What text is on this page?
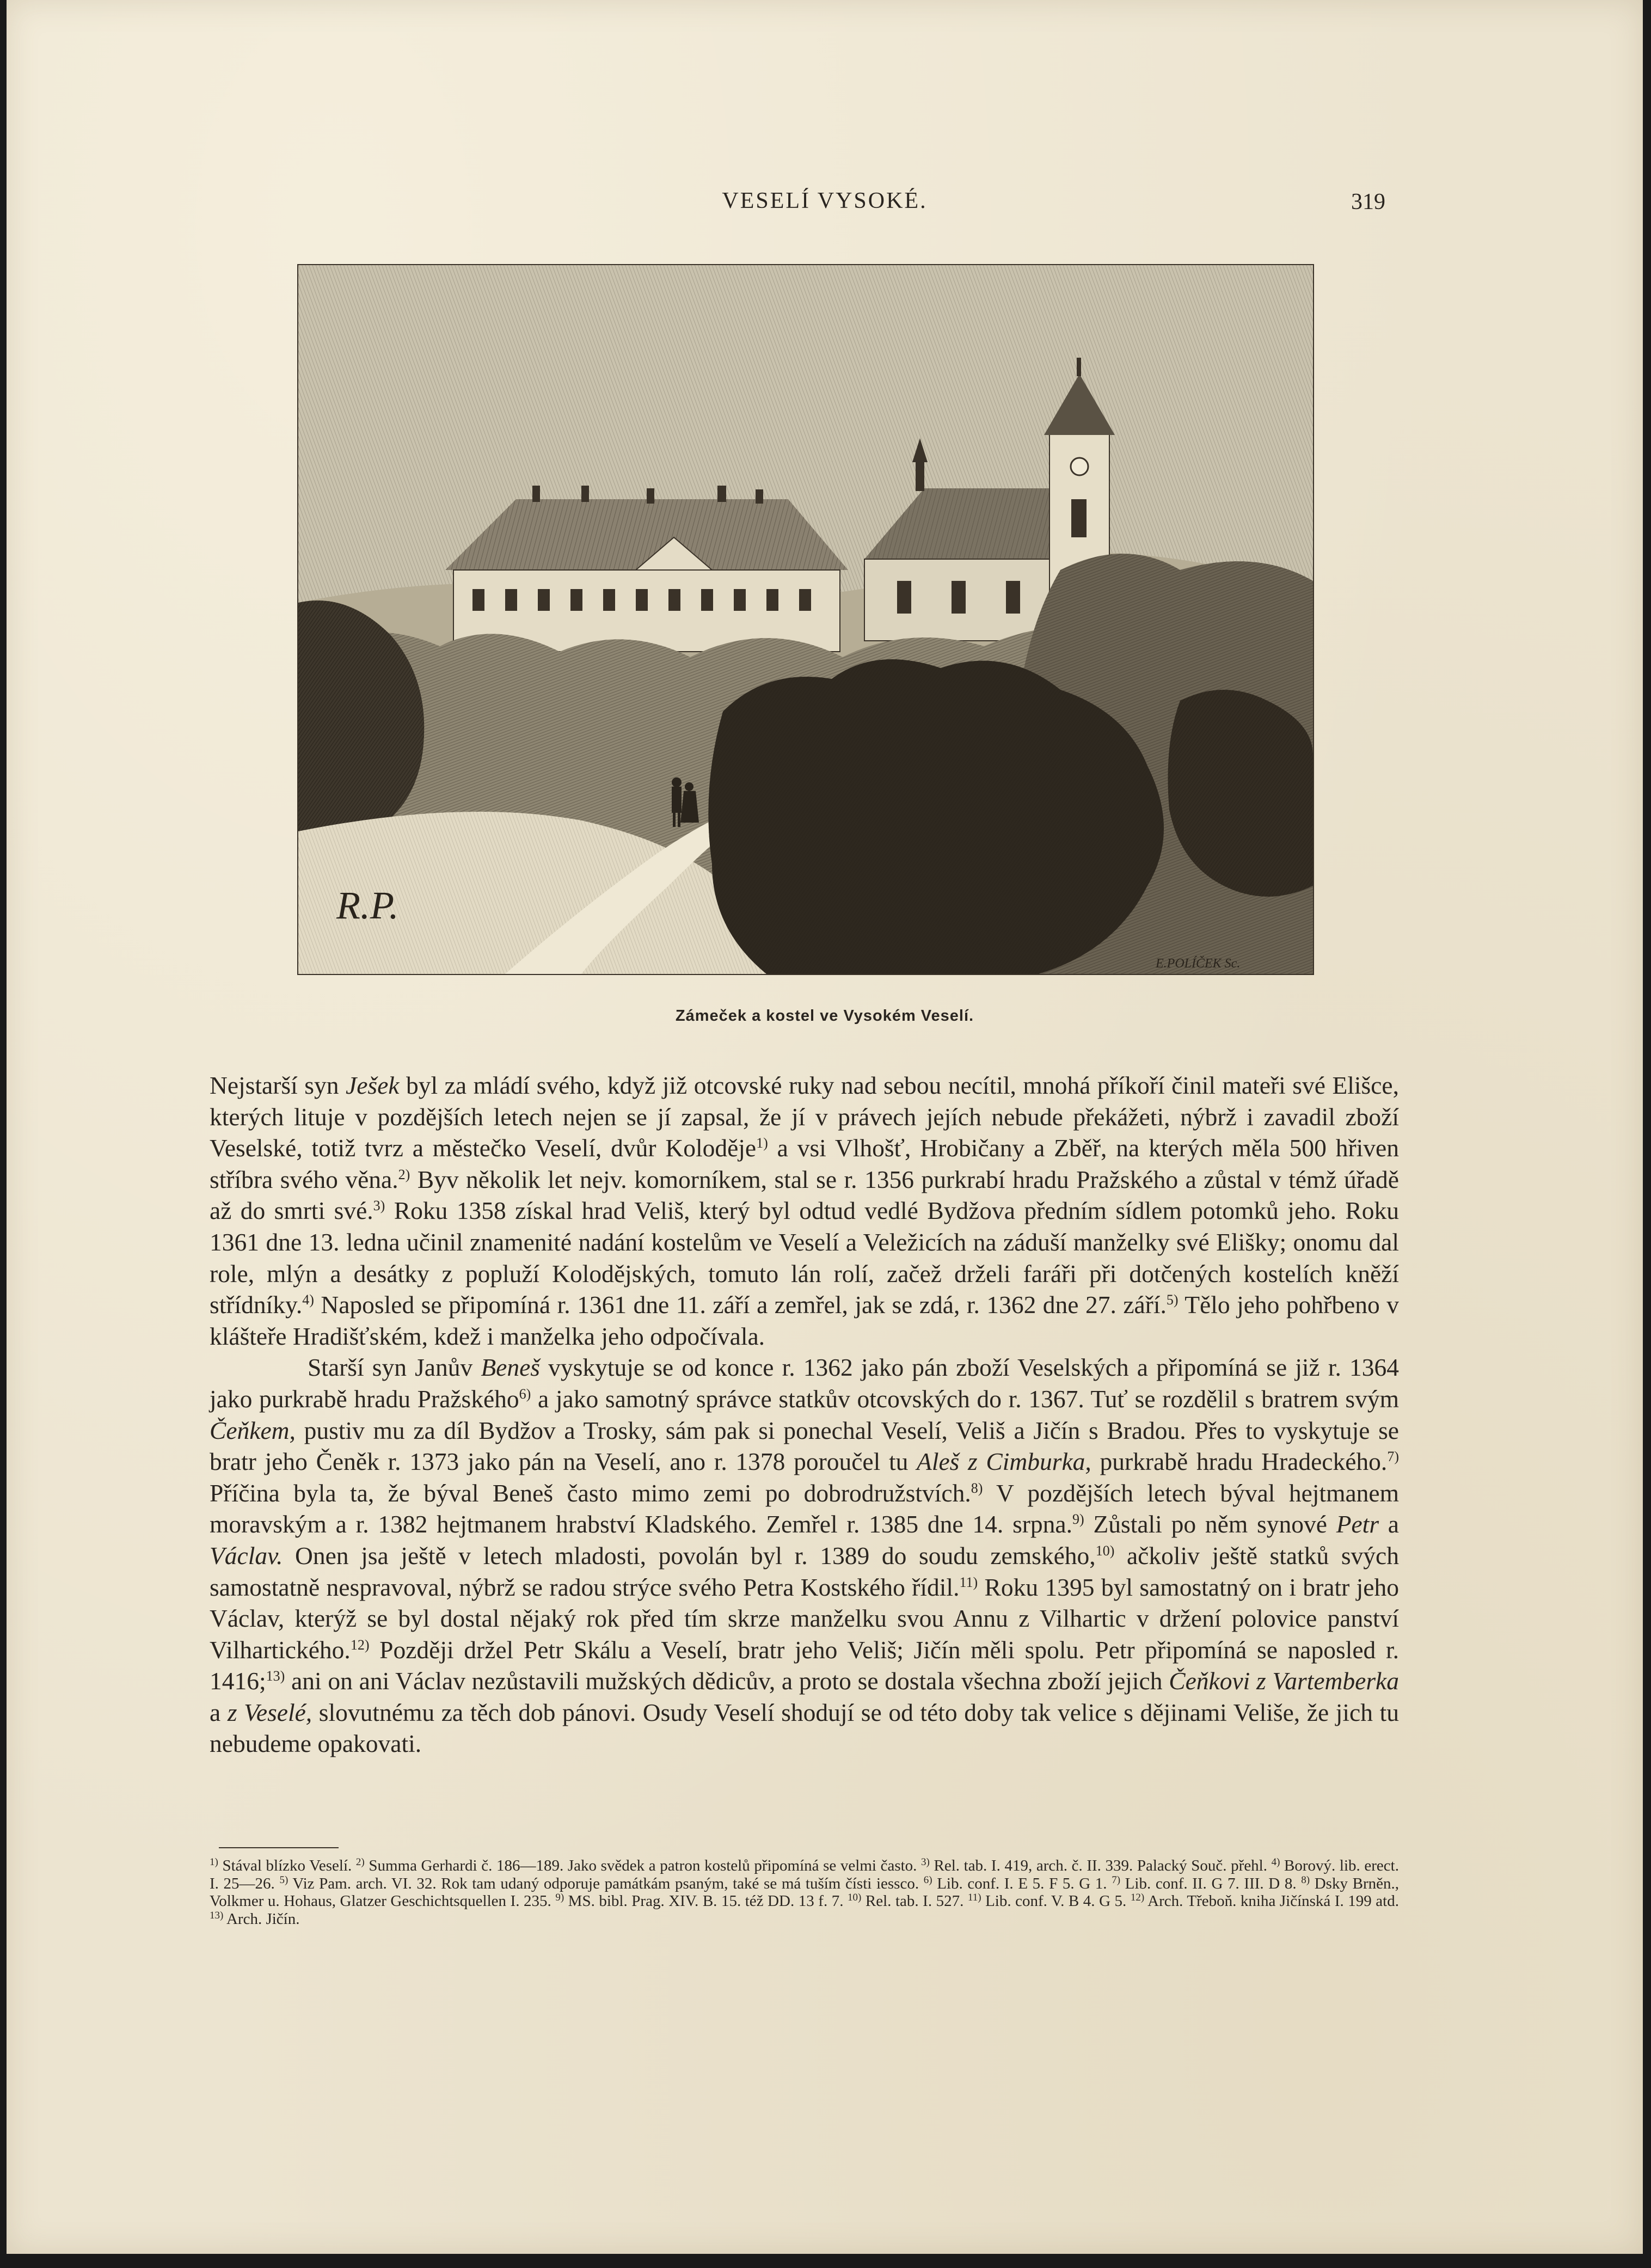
VESELÍ VYSOKÉ.	319
R.P.
E.POLÍČEK Sc.
Zámeček a kostel ve Vysokém Veselí.

Nejstarší syn Ješek byl za mládí svého, když již otcovské ruky nad sebou necítil, mnohá příkoří činil mateři své Elišce, kterých lituje v pozdějších letech nejen se jí zapsal, že jí v právech jejích nebude překážeti, nýbrž i zavadil zboží Veselské, totiž tvrz a městečko Veselí, dvůr Koloděje$^{1)}$ a vsi Vlhošť, Hrobičany a Zběř, na kterých měla 500 hřiven stříbra svého věna.$^{2)}$ Byv několik let nejv. komorníkem, stal se r. 1356 purkrabí hradu Pražského a zůstal v témž úřadě až do smrti své.$^{3)}$ Roku 1358 získal hrad Veliš, který byl odtud vedlé Bydžova předním sídlem potomků jeho. Roku 1361 dne 13. ledna učinil znamenité nadání kostelům ve Veselí a Veležicích na záduší manželky své Elišky; onomu dal role, mlýn a desátky z popluží Kolodějských, tomuto lán rolí, začež drželi faráři při dotčených kostelích kněží střídníky.$^{4)}$ Naposled se připomíná r. 1361 dne 11. září a zemřel, jak se zdá, r. 1362 dne 27. září.$^{5)}$ Tělo jeho pohřbeno v klášteře Hradišťském, kdež i manželka jeho odpočívala.

Starší syn Janův Beneš vyskytuje se od konce r. 1362 jako pán zboží Veselských a připomíná se již r. 1364 jako purkrabě hradu Pražského$^{6)}$ a jako samotný správce statkův otcovských do r. 1367. Tuť se rozdělil s bratrem svým Čeňkem, pustiv mu za díl Bydžov a Trosky, sám pak si ponechal Veselí, Veliš a Jičín s Bradou. Přes to vyskytuje se bratr jeho Čeněk r. 1373 jako pán na Veselí, ano r. 1378 poroučel tu Aleš z Cimburka, purkrabě hradu Hradeckého.$^{7)}$ Příčina byla ta, že býval Beneš často mimo zemi po dobrodružstvích.$^{8)}$ V pozdějších letech býval hejtmanem moravským a r. 1382 hejtmanem hrabství Kladského. Zemřel r. 1385 dne 14. srpna.$^{9)}$ Zůstali po něm synové Petr a Václav. Onen jsa ještě v letech mladosti, povolán byl r. 1389 do soudu zemského,$^{10)}$ ačkoliv ještě statků svých samostatně nespravoval, nýbrž se radou strýce svého Petra Kostského řídil.$^{11)}$ Roku 1395 byl samostatný on i bratr jeho Václav, kterýž se byl dostal nějaký rok před tím skrze manželku svou Annu z Vilhartic v držení polovice panství Vilhartického.$^{12)}$ Později držel Petr Skálu a Veselí, bratr jeho Veliš; Jičín měli spolu. Petr připomíná se naposled r. 1416;$^{13)}$ ani on ani Václav nezůstavili mužských dědicův, a proto se dostala všechna zboží jejich Čeňkovi z Vartemberka a z Veselé, slovutnému za těch dob pánovi. Osudy Veselí shodují se od této doby tak velice s dějinami Veliše, že jich tu nebudeme opakovati.

$^{1)}$ Stával blízko Veselí. $^{2)}$ Summa Gerhardi č. 186—189. Jako svědek a patron kostelů připomíná se velmi často. $^{3)}$ Rel. tab. I. 419, arch. č. II. 339. Palacký Souč. přehl. $^{4)}$ Borový. lib. erect. I. 25—26. $^{5)}$ Viz Pam. arch. VI. 32. Rok tam udaný odporuje památkám psaným, také se má tuším čísti iessco. $^{6)}$ Lib. conf. I. E 5. F 5. G 1. $^{7)}$ Lib. conf. II. G 7. III. D 8. $^{8)}$ Dsky Brněn., Volkmer u. Hohaus, Glatzer Geschichtsquellen I. 235. $^{9)}$ MS. bibl. Prag. XIV. B. 15. též DD. 13 f. 7. $^{10)}$ Rel. tab. I. 527. $^{11)}$ Lib. conf. V. B 4. G 5. $^{12)}$ Arch. Třeboň. kniha Jičínská I. 199 atd. $^{13)}$ Arch. Jičín.
